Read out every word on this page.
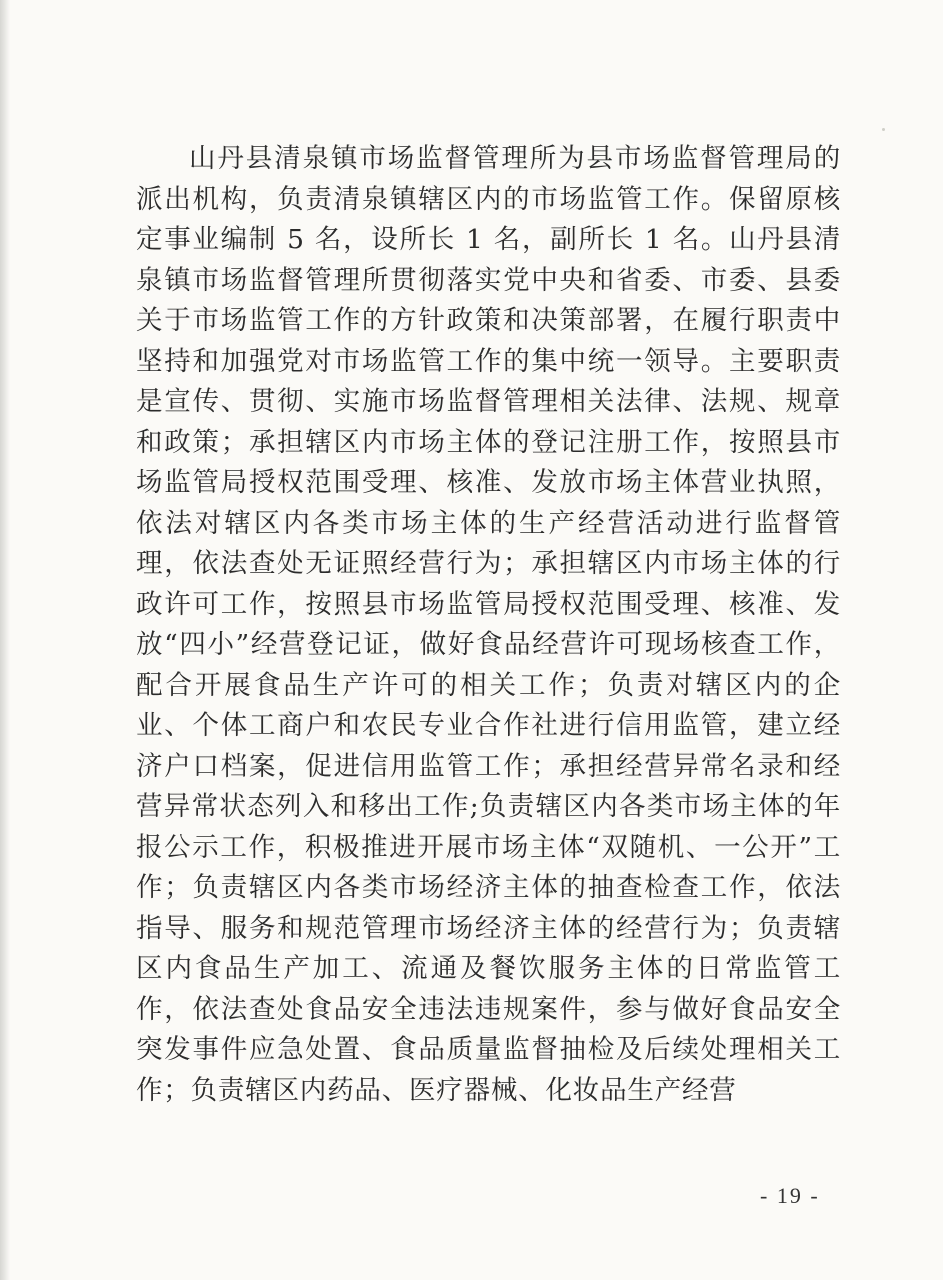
山丹县清泉镇市场监督管理所为县市场监督管理局的派出机构，负责清泉镇辖区内的市场监管工作。保留原核定事业编制 5 名，设所长 1 名，副所长 1 名。山丹县清泉镇市场监督管理所贯彻落实党中央和省委、市委、县委关于市场监管工作的方针政策和决策部署，在履行职责中坚持和加强党对市场监管工作的集中统一领导。主要职责是宣传、贯彻、实施市场监督管理相关法律、法规、规章和政策；承担辖区内市场主体的登记注册工作，按照县市场监管局授权范围受理、核准、发放市场主体营业执照，依法对辖区内各类市场主体的生产经营活动进行监督管理，依法查处无证照经营行为；承担辖区内市场主体的行政许可工作，按照县市场监管局授权范围受理、核准、发放“四小”经营登记证，做好食品经营许可现场核查工作，配合开展食品生产许可的相关工作；负责对辖区内的企业、个体工商户和农民专业合作社进行信用监管，建立经济户口档案，促进信用监管工作；承担经营异常名录和经营异常状态列入和移出工作;负责辖区内各类市场主体的年报公示工作，积极推进开展市场主体“双随机、一公开”工作；负责辖区内各类市场经济主体的抽查检查工作，依法指导、服务和规范管理市场经济主体的经营行为；负责辖区内食品生产加工、流通及餐饮服务主体的日常监管工作，依法查处食品安全违法违规案件，参与做好食品安全突发事件应急处置、食品质量监督抽检及后续处理相关工作；负责辖区内药品、医疗器械、化妆品生产经营

- 19 -
